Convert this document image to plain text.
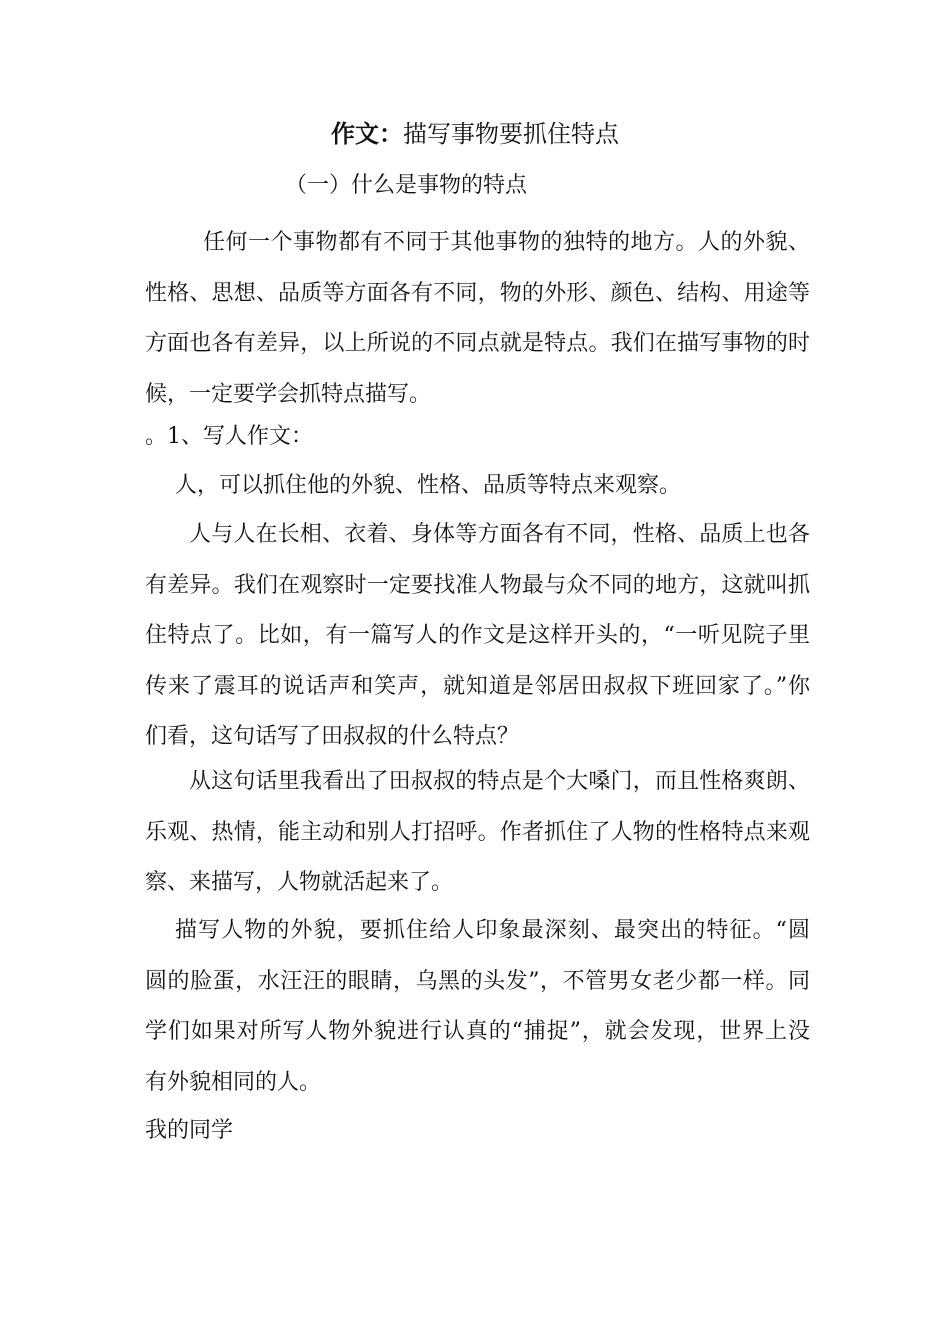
作文：描写事物要抓住特点
（一）什么是事物的特点
任何一个事物都有不同于其他事物的独特的地方。人的外貌、
性格、思想、品质等方面各有不同，物的外形、颜色、结构、用途等
方面也各有差异，以上所说的不同点就是特点。我们在描写事物的时
候，一定要学会抓特点描写。
。1、写人作文：
人，可以抓住他的外貌、性格、品质等特点来观察。
人与人在长相、衣着、身体等方面各有不同，性格、品质上也各
有差异。我们在观察时一定要找准人物最与众不同的地方，这就叫抓
住特点了。比如，有一篇写人的作文是这样开头的，“一听见院子里
传来了震耳的说话声和笑声，就知道是邻居田叔叔下班回家了。”你
们看，这句话写了田叔叔的什么特点？
从这句话里我看出了田叔叔的特点是个大嗓门，而且性格爽朗、
乐观、热情，能主动和别人打招呼。作者抓住了人物的性格特点来观
察、来描写，人物就活起来了。
描写人物的外貌，要抓住给人印象最深刻、最突出的特征。“圆
圆的脸蛋，水汪汪的眼睛，乌黑的头发”，不管男女老少都一样。同
学们如果对所写人物外貌进行认真的“捕捉”，就会发现，世界上没
有外貌相同的人。
我的同学
